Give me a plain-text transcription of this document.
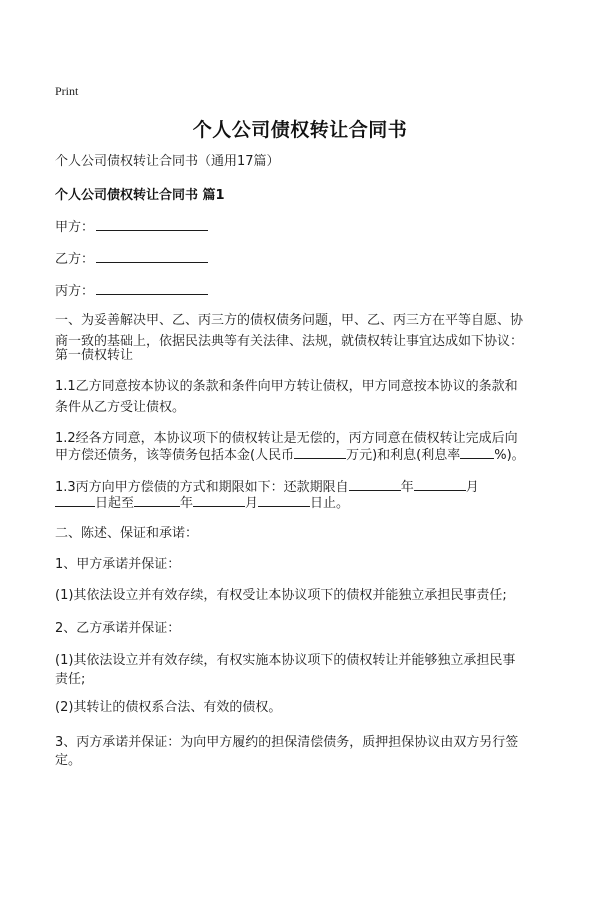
Print
个人公司债权转让合同书
个人公司债权转让合同书（通用17篇）
个人公司债权转让合同书 篇1
甲方：
乙方：
丙方：
一、为妥善解决甲、乙、丙三方的债权债务问题，甲、乙、丙三方在平等自愿、协
商一致的基础上，依据民法典等有关法律、法规，就债权转让事宜达成如下协议：
第一债权转让
1.1乙方同意按本协议的条款和条件向甲方转让债权，甲方同意按本协议的条款和
条件从乙方受让债权。
1.2经各方同意，本协议项下的债权转让是无偿的，丙方同意在债权转让完成后向
甲方偿还债务，该等债务包括本金(人民币	万元)和利息(利息率	%)。
1.3丙方向甲方偿债的方式和期限如下：还款期限自	年	月
日起至	年	月	日止。
二、陈述、保证和承诺：
1、甲方承诺并保证：
(1)其依法设立并有效存续，有权受让本协议项下的债权并能独立承担民事责任;
2、乙方承诺并保证：
(1)其依法设立并有效存续，有权实施本协议项下的债权转让并能够独立承担民事
责任;
(2)其转让的债权系合法、有效的债权。
3、丙方承诺并保证：为向甲方履约的担保清偿债务，质押担保协议由双方另行签
定。
